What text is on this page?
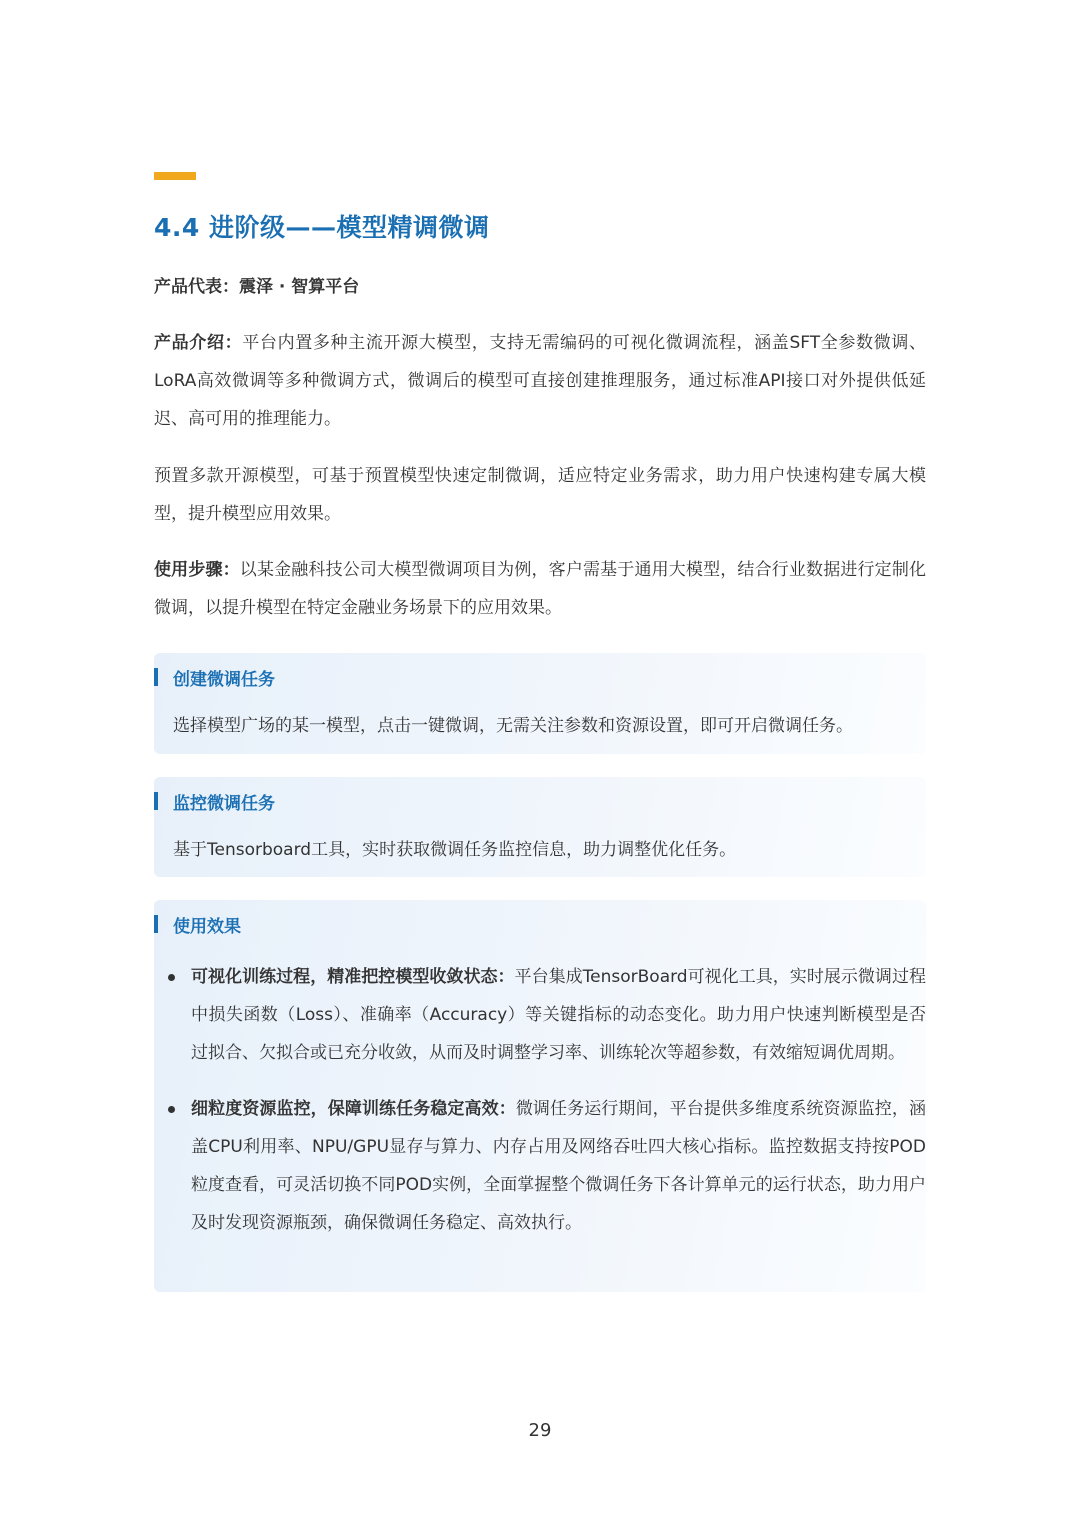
4.4 进阶级——模型精调微调

产品代表：震泽 · 智算平台

产品介绍：平台内置多种主流开源大模型，支持无需编码的可视化微调流程，涵盖SFT全参数微调、LoRA高效微调等多种微调方式，微调后的模型可直接创建推理服务，通过标准API接口对外提供低延迟、高可用的推理能力。

预置多款开源模型，可基于预置模型快速定制微调，适应特定业务需求，助力用户快速构建专属大模型，提升模型应用效果。

使用步骤：以某金融科技公司大模型微调项目为例，客户需基于通用大模型，结合行业数据进行定制化微调，以提升模型在特定金融业务场景下的应用效果。

创建微调任务
选择模型广场的某一模型，点击一键微调，无需关注参数和资源设置，即可开启微调任务。
监控微调任务
基于Tensorboard工具，实时获取微调任务监控信息，助力调整优化任务。
使用效果
可视化训练过程，精准把控模型收敛状态：平台集成TensorBoard可视化工具，实时展示微调过程中损失函数（Loss）、准确率（Accuracy）等关键指标的动态变化。助力用户快速判断模型是否过拟合、欠拟合或已充分收敛，从而及时调整学习率、训练轮次等超参数，有效缩短调优周期。
细粒度资源监控，保障训练任务稳定高效：微调任务运行期间，平台提供多维度系统资源监控，涵盖CPU利用率、NPU/GPU显存与算力、内存占用及网络吞吐四大核心指标。监控数据支持按POD粒度查看，可灵活切换不同POD实例，全面掌握整个微调任务下各计算单元的运行状态，助力用户及时发现资源瓶颈，确保微调任务稳定、高效执行。
29
